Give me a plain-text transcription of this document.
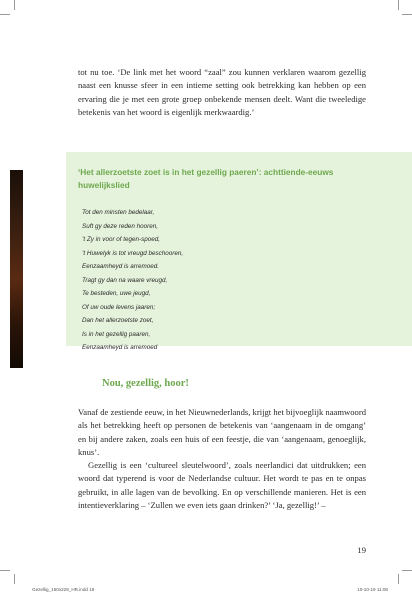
tot nu toe. ‘De link met het woord “zaal” zou kunnen verklaren waarom gezellig naast een knusse sfeer in een intieme setting ook betrekking kan hebben op een ervaring die je met een grote groep onbekende mensen deelt. Want die tweeledige betekenis van het woord is eigenlijk merkwaardig.’
‘Het allerzoetste zoet is in het gezellig paeren’: achttiende-eeuws huwelijkslied
Tot den minsten bedelaar,
Suft gy deze reden hooren,
’t Zy in voor of tegen-spoed,
’t Huwelyk is tot vreugd beschooren,
Eenzaamheyd is arremoed.
Tragt gy dan na waare vreugd,
Te besteden, uwe jeugd,
Of uw oude levens jaaren;
Dan het allerzoetste zoet,
Is in het gezellig paaren,
Eenzaamheyd is arremoed
Nou, gezellig, hoor!

Vanaf de zestiende eeuw, in het Nieuwnederlands, krijgt het bijvoeglijk naamwoord als het betrekking heeft op personen de betekenis van ‘aangenaam in de omgang’ en bij andere zaken, zoals een huis of een feestje, die van ‘aangenaam, genoeglijk, knus’.

Gezellig is een ‘cultureel sleutelwoord’, zoals neerlandici dat uitdrukken; een woord dat typerend is voor de Nederlandse cultuur. Het wordt te pas en te onpas gebruikt, in alle lagen van de bevolking. En op verschillende manieren. Het is een intentieverklaring – ‘Zullen we even iets gaan drinken?’ ‘Ja, gezellig!’ –

19
Gezellig_150x228_HR.indd 19	10-10-19 11:08
